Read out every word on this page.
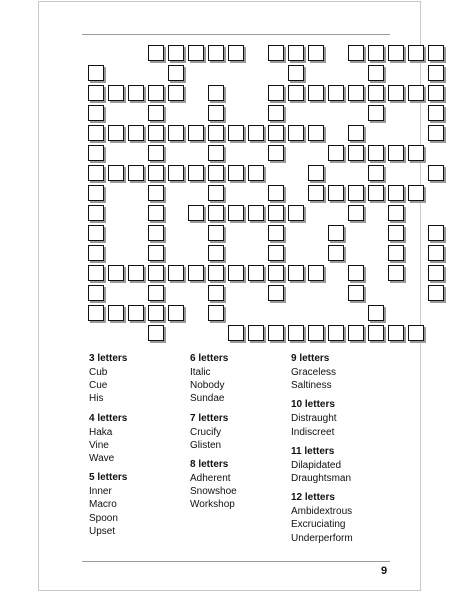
3 letters
Cub
Cue
His
4 letters
Haka
Vine
Wave
5 letters
Inner
Macro
Spoon
Upset
6 letters
Italic
Nobody
Sundae
7 letters
Crucify
Glisten
8 letters
Adherent
Snowshoe
Workshop
9 letters
Graceless
Saltiness
10 letters
Distraught
Indiscreet
11 letters
Dilapidated
Draughtsman
12 letters
Ambidextrous
Excruciating
Underperform
9
